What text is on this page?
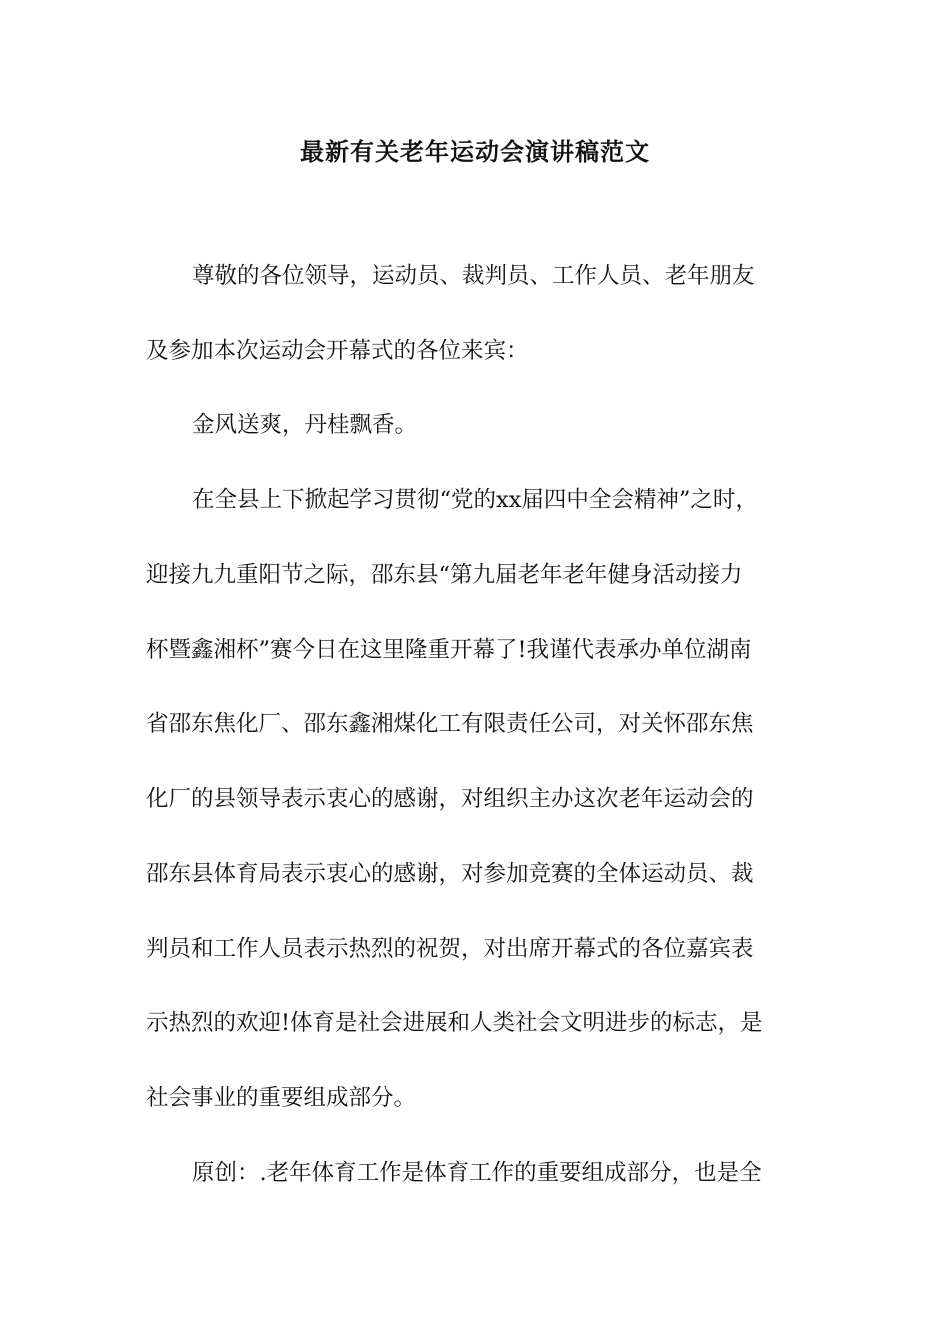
最新有关老年运动会演讲稿范文
尊敬的各位领导，运动员、裁判员、工作人员、老年朋友
及参加本次运动会开幕式的各位来宾：
金风送爽，丹桂飘香。
在全县上下掀起学习贯彻“党的xx届四中全会精神”之时，
迎接九九重阳节之际，邵东县“第九届老年老年健身活动接力
杯暨鑫湘杯”赛今日在这里隆重开幕了!我谨代表承办单位湖南
省邵东焦化厂、邵东鑫湘煤化工有限责任公司，对关怀邵东焦
化厂的县领导表示衷心的感谢，对组织主办这次老年运动会的
邵东县体育局表示衷心的感谢，对参加竞赛的全体运动员、裁
判员和工作人员表示热烈的祝贺，对出席开幕式的各位嘉宾表
示热烈的欢迎!体育是社会进展和人类社会文明进步的标志，是
社会事业的重要组成部分。
原创：.老年体育工作是体育工作的重要组成部分，也是全
